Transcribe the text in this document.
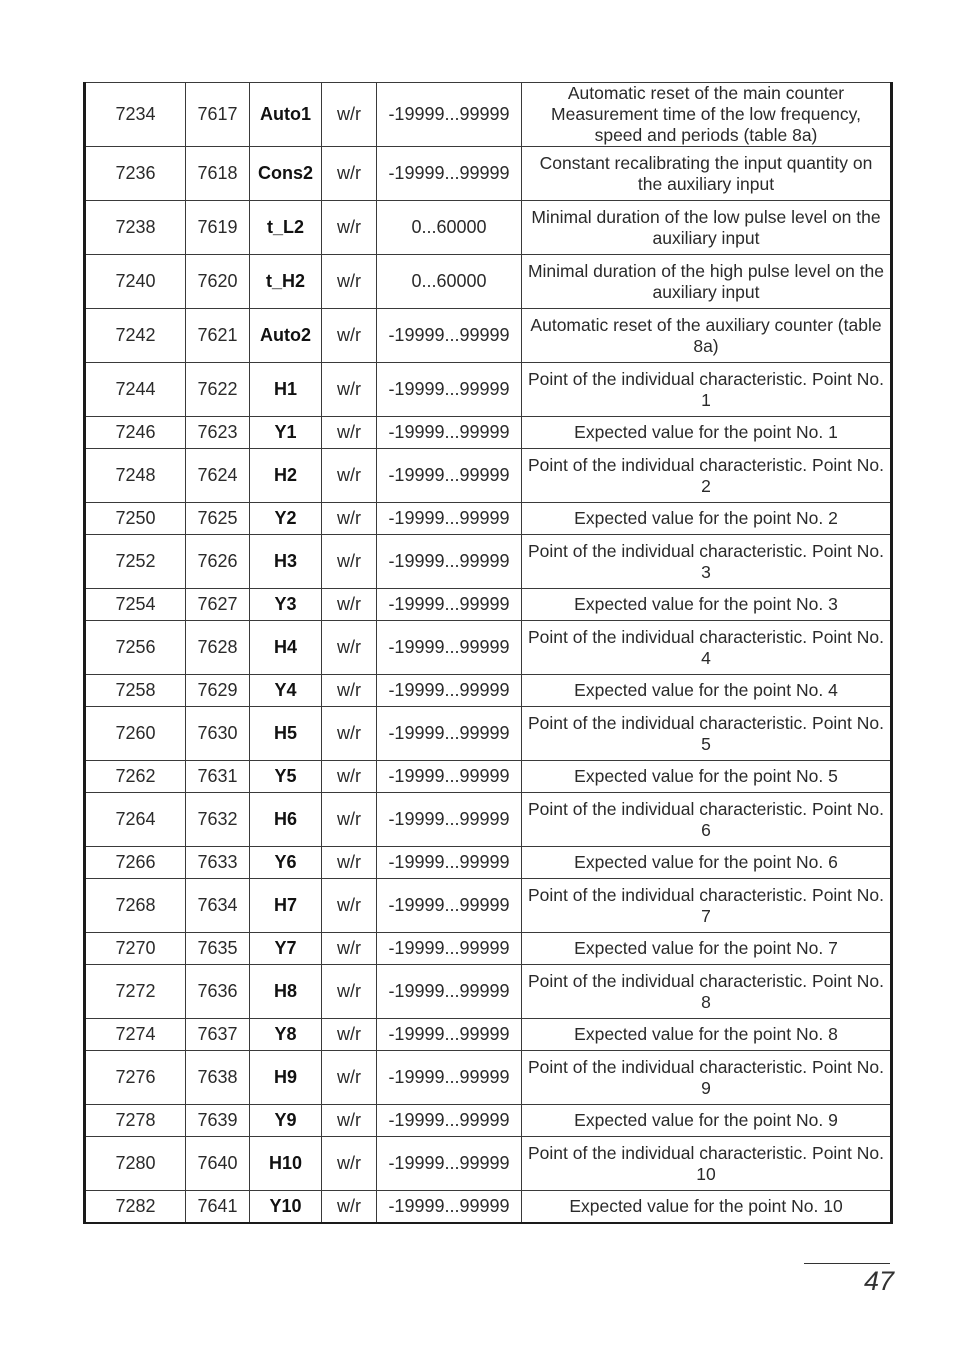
7234	7617	Auto1	w/r	-19999...99999	Automatic reset of the main counter Measurement time of the low frequency, speed and periods (table 8a)
7236	7618	Cons2	w/r	-19999...99999	Constant recalibrating the input quantity on the auxiliary input
7238	7619	t_L2	w/r	0...60000	Minimal duration of the low pulse level on the auxiliary input
7240	7620	t_H2	w/r	0...60000	Minimal duration of the high pulse level on the auxiliary input
7242	7621	Auto2	w/r	-19999...99999	Automatic reset of the auxiliary counter (table 8a)
7244	7622	H1	w/r	-19999...99999	Point of the individual characteristic. Point No. 1
7246	7623	Y1	w/r	-19999...99999	Expected value for the point No. 1
7248	7624	H2	w/r	-19999...99999	Point of the individual characteristic. Point No. 2
7250	7625	Y2	w/r	-19999...99999	Expected value for the point No. 2
7252	7626	H3	w/r	-19999...99999	Point of the individual characteristic. Point No. 3
7254	7627	Y3	w/r	-19999...99999	Expected value for the point No. 3
7256	7628	H4	w/r	-19999...99999	Point of the individual characteristic. Point No. 4
7258	7629	Y4	w/r	-19999...99999	Expected value for the point No. 4
7260	7630	H5	w/r	-19999...99999	Point of the individual characteristic. Point No. 5
7262	7631	Y5	w/r	-19999...99999	Expected value for the point No. 5
7264	7632	H6	w/r	-19999...99999	Point of the individual characteristic. Point No. 6
7266	7633	Y6	w/r	-19999...99999	Expected value for the point No. 6
7268	7634	H7	w/r	-19999...99999	Point of the individual characteristic. Point No. 7
7270	7635	Y7	w/r	-19999...99999	Expected value for the point No. 7
7272	7636	H8	w/r	-19999...99999	Point of the individual characteristic. Point No. 8
7274	7637	Y8	w/r	-19999...99999	Expected value for the point No. 8
7276	7638	H9	w/r	-19999...99999	Point of the individual characteristic. Point No. 9
7278	7639	Y9	w/r	-19999...99999	Expected value for the point No. 9
7280	7640	H10	w/r	-19999...99999	Point of the individual characteristic. Point No. 10
7282	7641	Y10	w/r	-19999...99999	Expected value for the point No. 10
47
